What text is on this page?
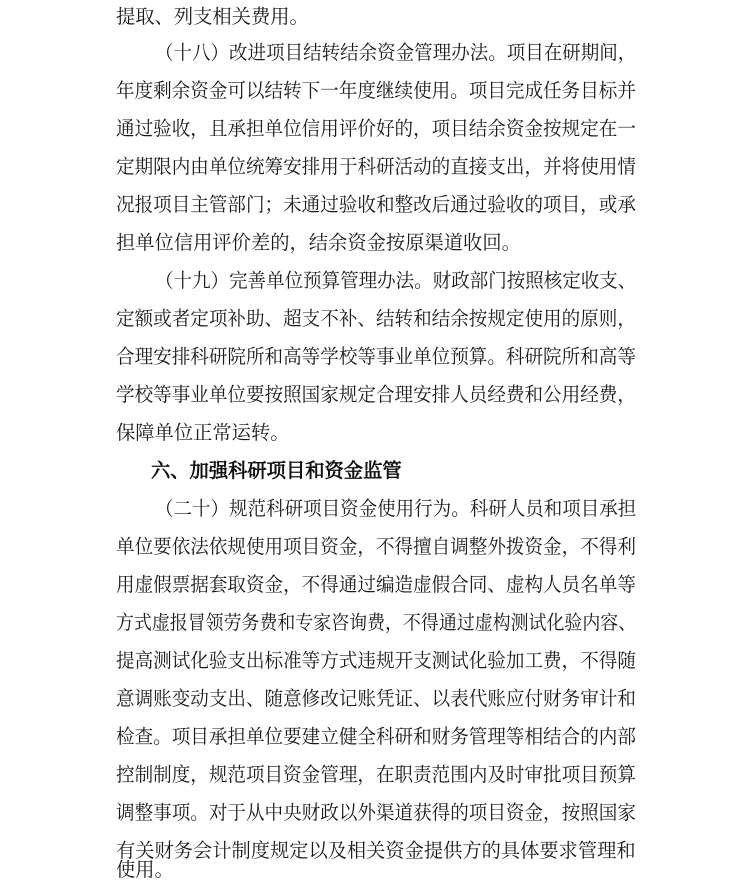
提取、列支相关费用。
（十八）改进项目结转结余资金管理办法。项目在研期间，
年度剩余资金可以结转下一年度继续使用。项目完成任务目标并
通过验收，且承担单位信用评价好的，项目结余资金按规定在一
定期限内由单位统筹安排用于科研活动的直接支出，并将使用情
况报项目主管部门；未通过验收和整改后通过验收的项目，或承
担单位信用评价差的，结余资金按原渠道收回。
（十九）完善单位预算管理办法。财政部门按照核定收支、
定额或者定项补助、超支不补、结转和结余按规定使用的原则，
合理安排科研院所和高等学校等事业单位预算。科研院所和高等
学校等事业单位要按照国家规定合理安排人员经费和公用经费，
保障单位正常运转。
六、加强科研项目和资金监管
（二十）规范科研项目资金使用行为。科研人员和项目承担
单位要依法依规使用项目资金，不得擅自调整外拨资金，不得利
用虚假票据套取资金，不得通过编造虚假合同、虚构人员名单等
方式虚报冒领劳务费和专家咨询费，不得通过虚构测试化验内容、
提高测试化验支出标准等方式违规开支测试化验加工费，不得随
意调账变动支出、随意修改记账凭证、以表代账应付财务审计和
检查。项目承担单位要建立健全科研和财务管理等相结合的内部
控制制度，规范项目资金管理，在职责范围内及时审批项目预算
调整事项。对于从中央财政以外渠道获得的项目资金，按照国家
有关财务会计制度规定以及相关资金提供方的具体要求管理和
使用。
